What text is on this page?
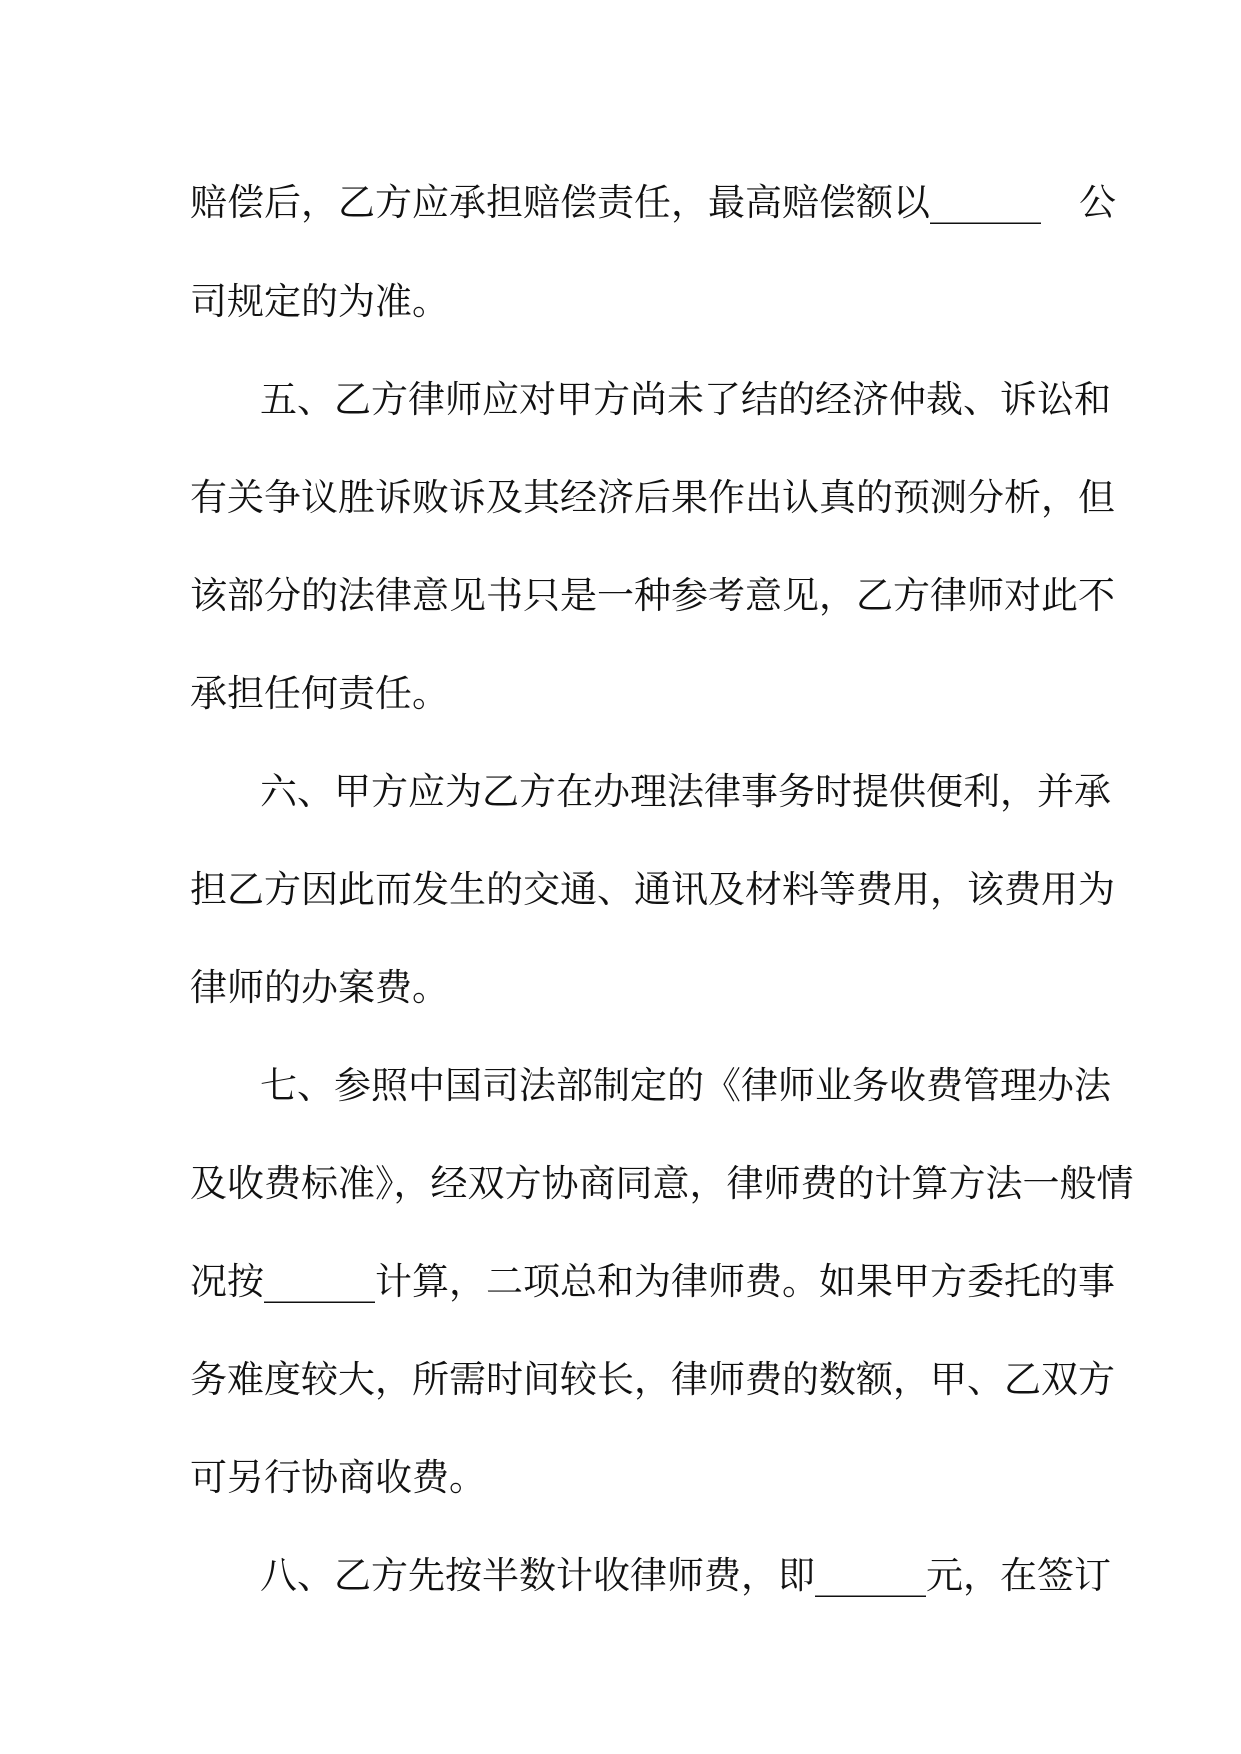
赔偿后，乙方应承担赔偿责任，最高赔偿额以______ 公
司规定的为准。
五、乙方律师应对甲方尚未了结的经济仲裁、诉讼和
有关争议胜诉败诉及其经济后果作出认真的预测分析，但
该部分的法律意见书只是一种参考意见，乙方律师对此不
承担任何责任。
六、甲方应为乙方在办理法律事务时提供便利，并承
担乙方因此而发生的交通、通讯及材料等费用，该费用为
律师的办案费。
七、参照中国司法部制定的《律师业务收费管理办法
及收费标准》，经双方协商同意，律师费的计算方法一般情
况按______计算，二项总和为律师费。如果甲方委托的事
务难度较大，所需时间较长，律师费的数额，甲、乙双方
可另行协商收费。
八、乙方先按半数计收律师费，即______元，在签订
